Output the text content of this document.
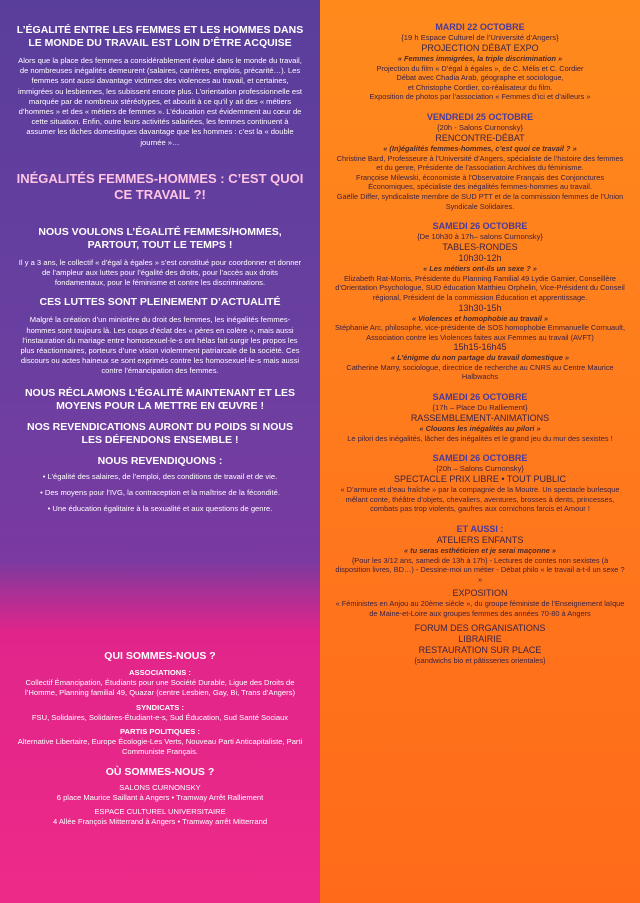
L’ÉGALITÉ ENTRE LES FEMMES ET LES HOMMES DANS LE MONDE DU TRAVAIL EST LOIN D’ÊTRE ACQUISE

Alors que la place des femmes a considérablement évolué dans le monde du travail, de nombreuses inégalités demeurent (salaires, carrières, emplois, précarité…). Les femmes sont aussi davantage victimes des violences au travail, et certaines, immigrées ou lesbiennes, les subissent encore plus. L’orientation professionnelle est marquée par de nombreux stéréotypes, et aboutit à ce qu’il y ait des « métiers d’hommes » et des « métiers de femmes ». L’éducation est évidemment au cœur de cette situation. Enfin, outre leurs activités salariées, les femmes continuent à assumer les tâches domestiques davantage que les hommes : c’est la « double journée »…

INÉGALITÉS FEMMES-HOMMES : C’EST QUOI CE TRAVAIL ?!

NOUS VOULONS L’ÉGALITÉ FEMMES/HOMMES, PARTOUT, TOUT LE TEMPS !

Il y a 3 ans, le collectif « d’égal à égales » s’est constitué pour coordonner et donner de l’ampleur aux luttes pour l’égalité des droits, pour l’accès aux droits fondamentaux, pour le féminisme et contre les discriminations.

CES LUTTES SONT PLEINEMENT D’ACTUALITÉ

Malgré la création d’un ministère du droit des femmes, les inégalités femmes-hommes sont toujours là. Les coups d’éclat des « pères en colère », mais aussi l’instauration du mariage entre homosexuel-le-s ont hélas fait surgir les propos les plus réactionnaires, porteurs d’une vision violemment patriarcale de la société. Ces discours ou actes haineux se sont exprimés contre les homosexuel-le-s mais aussi contre l’émancipation des femmes.

NOUS RÉCLAMONS L’ÉGALITÉ MAINTENANT ET LES MOYENS POUR LA METTRE EN ŒUVRE !

NOS REVENDICATIONS AURONT DU POIDS SI NOUS LES DÉFENDONS ENSEMBLE !

NOUS REVENDIQUONS :

• L’égalité des salaires, de l’emploi, des conditions de travail et de vie.
• Des moyens pour l’IVG, la contraception et la maîtrise de la fécondité.
• Une éducation égalitaire à la sexualité et aux questions de genre.

QUI SOMMES-NOUS ?

ASSOCIATIONS :

Collectif Émancipation, Étudiants pour une Société Durable, Ligue des Droits de l’Homme, Planning familial 49, Quazar (centre Lesbien, Gay, Bi, Trans d’Angers)

SYNDICATS :

FSU, Solidaires, Solidaires-Étudiant-e-s, Sud Éducation, Sud Santé Sociaux

PARTIS POLITIQUES :

Alternative Libertaire, Europe Écologie-Les Verts, Nouveau Parti Anticapitaliste, Parti Communiste Français.

OÙ SOMMES-NOUS ?

SALONS CURNONSKY

6 place Maurice Saillant à Angers • Tramway Arrêt Ralliement

ESPACE CULTUREL UNIVERSITAIRE

4 Allée François Mitterrand à Angers • Tramway arrêt Mitterrand

MARDI 22 OCTOBRE
{19 h Espace Culturel de l’Université d’Angers}
PROJECTION DÉBAT EXPO
« Femmes immigrées, la triple discrimination »
Projection du film « D’égal à égales », de C. Mélis et C. Cordier
Débat avec Chadia Arab, géographe et sociologue,
et Christophe Cordier, co-réalisateur du film.
Exposition de photos par l’association « Femmes d’ici et d’ailleurs »
VENDREDI 25 OCTOBRE
{20h - Salons Curnonsky}
RENCONTRE-DÉBAT
« (In)égalités femmes-hommes, c’est quoi ce travail ? »
Christine Bard, Professeure à l’Université d’Angers, spécialiste de l’histoire des femmes et du genre, Présidente de l’association Archives du féminisme.
Françoise Milewski, économiste à l’Observatoire Français des Conjonctures Économiques, spécialiste des inégalités femmes-hommes au travail.
Gaëlle Differ, syndicaliste membre de SUD PTT et de la commission femmes de l’Union Syndicale Solidaires.
SAMEDI 26 OCTOBRE
{De 10h30 à 17h– salons Curnonsky}
TABLES-RONDES
10h30-12h
« Les métiers ont-ils un sexe ? »
Elizabeth Rat-Morris, Présidente du Planning Familial 49 Lydie Garnier, Conseillère d’Orientation Psychologue, SUD éducation Matthieu Orphelin, Vice-Président du Conseil régional, Président de la commission Éducation et apprentissage.
13h30-15h
« Violences et homophobie au travail »
Stéphanie Arc, philosophe, vice-présidente de SOS homophobie Emmanuelle Cornuault, Association contre les Violences faites aux Femmes au travail (AVFT)
15h15-16h45
« L’énigme du non partage du travail domestique »
Catherine Marry, sociologue, directrice de recherche au CNRS au Centre Maurice Halbwachs
SAMEDI 26 OCTOBRE
{17h – Place Du Ralliement}
RASSEMBLEMENT-ANIMATIONS
« Clouons les inégalités au pilori »
Le pilori des inégalités, lâcher des inégalités et le grand jeu du mur des sexistes !
SAMEDI 26 OCTOBRE
{20h – Salons Curnonsky}
SPECTACLE PRIX LIBRE • TOUT PUBLIC
« D’armure et d’eau fraîche » par la compagnie de la Moutre. Un spectacle burlesque mêlant conte, théâtre d’objets, chevaliers, aventures, brosses à dents, princesses, combats pas trop violents, gaufres aux cornichons farcis et Amour !
ET AUSSI :
ATELIERS ENFANTS
« tu seras esthéticien et je serai maçonne »
{Pour les 3/12 ans, samedi de 13h à 17h} - Lectures de contes non sexistes (à disposition livres, BD…) - Dessine-moi un métier - Débat philo « le travail a-t-il un sexe ? »
EXPOSITION
« Féministes en Anjou au 20ème siècle », du groupe féministe de l’Enseignement laïque de Maine-et-Loire aux groupes femmes des années 70-80 à Angers
FORUM DES ORGANISATIONS
LIBRAIRIE
RESTAURATION SUR PLACE
{sandwichs bio et pâtisseries orientales}
